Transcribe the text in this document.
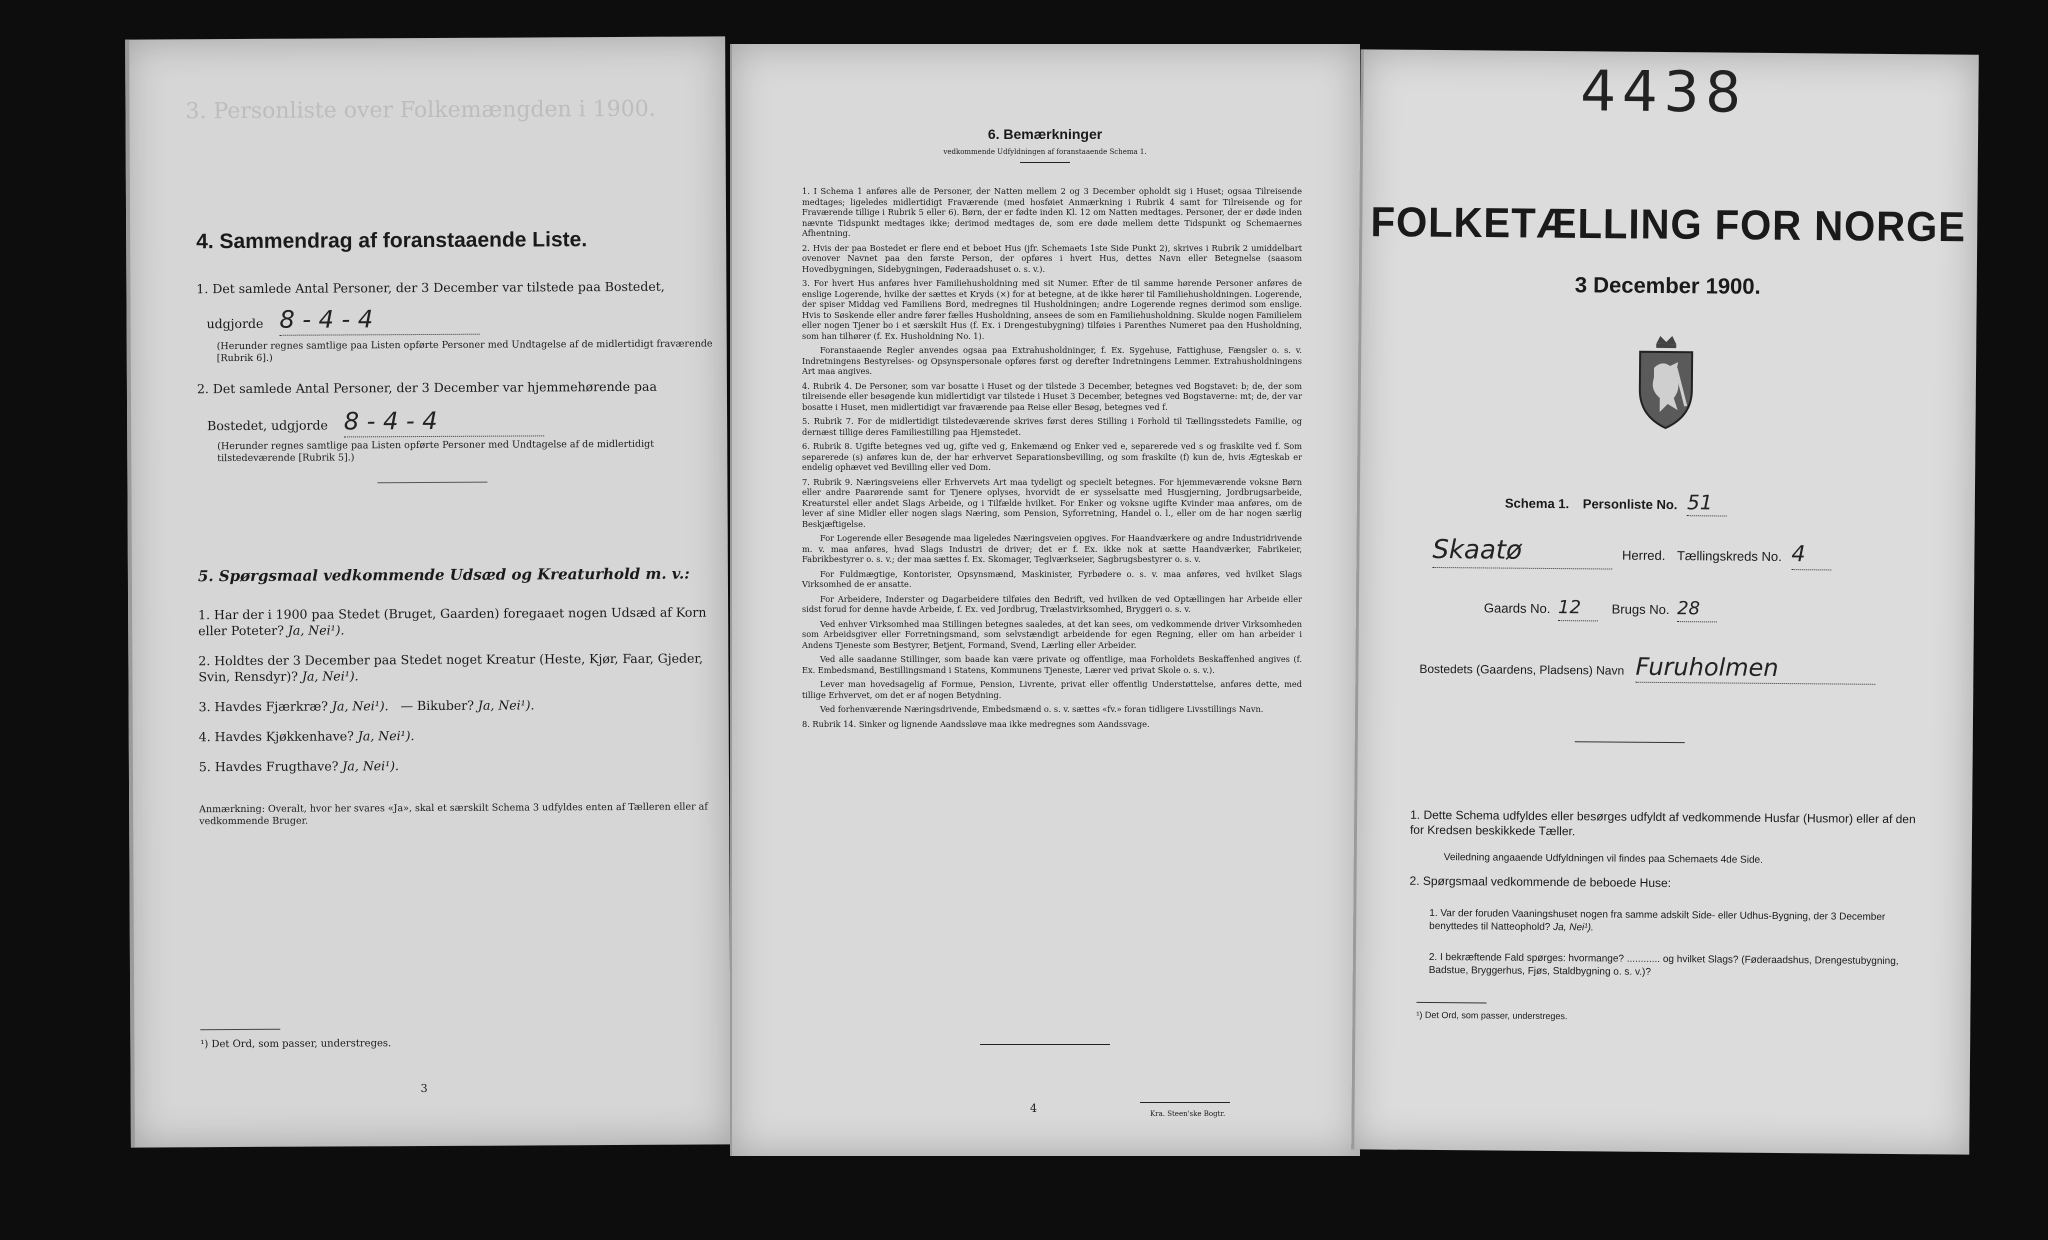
3. Personliste over Folkemængden i 1900.
4. Sammendrag af foranstaaende Liste.
1. Det samlede Antal Personer, der 3 December var tilstede paa Bostedet,
udgjorde 8 - 4 - 4
(Herunder regnes samtlige paa Listen opførte Personer med Undtagelse af de midlertidigt fraværende [Rubrik 6].)
2. Det samlede Antal Personer, der 3 December var hjemmehørende paa
Bostedet, udgjorde 8 - 4 - 4
(Herunder regnes samtlige paa Listen opførte Personer med Undtagelse af de midlertidigt tilstedeværende [Rubrik 5].)
5. Spørgsmaal vedkommende Udsæd og Kreaturhold m. v.:
1. Har der i 1900 paa Stedet (Bruget, Gaarden) foregaaet nogen Udsæd af Korn eller Poteter? Ja, Nei¹).
2. Holdtes der 3 December paa Stedet noget Kreatur (Heste, Kjør, Faar, Gjeder, Svin, Rensdyr)? Ja, Nei¹).
3. Havdes Fjærkræ? Ja, Nei¹). — Bikuber? Ja, Nei¹).
4. Havdes Kjøkkenhave? Ja, Nei¹).
5. Havdes Frugthave? Ja, Nei¹).
Anmærkning: Overalt, hvor her svares «Ja», skal et særskilt Schema 3 udfyldes enten af Tælleren eller af vedkommende Bruger.
¹) Det Ord, som passer, understreges.
3
6. Bemærkninger
vedkommende Udfyldningen af foranstaaende Schema 1.

1. I Schema 1 anføres alle de Personer, der Natten mellem 2 og 3 December opholdt sig i Huset; ogsaa Tilreisende medtages; ligeledes midlertidigt Fraværende (med hosføiet Anmærkning i Rubrik 4 samt for Tilreisende og for Fraværende tillige i Rubrik 5 eller 6). Børn, der er fødte inden Kl. 12 om Natten medtages. Personer, der er døde inden nævnte Tidspunkt medtages ikke; derimod medtages de, som ere døde mellem dette Tidspunkt og Schemaernes Afhentning.

2. Hvis der paa Bostedet er flere end et beboet Hus (jfr. Schemaets 1ste Side Punkt 2), skrives i Rubrik 2 umiddelbart ovenover Navnet paa den første Person, der opføres i hvert Hus, dettes Navn eller Betegnelse (saasom Hovedbygningen, Sidebygningen, Føderaadshuset o. s. v.).

3. For hvert Hus anføres hver Familiehusholdning med sit Numer. Efter de til samme hørende Personer anføres de enslige Logerende, hvilke der sættes et Kryds (×) for at betegne, at de ikke hører til Familiehusholdningen. Logerende, der spiser Middag ved Familiens Bord, medregnes til Husholdningen; andre Logerende regnes derimod som enslige. Hvis to Søskende eller andre fører fælles Husholdning, ansees de som en Familiehusholdning. Skulde nogen Familielem eller nogen Tjener bo i et særskilt Hus (f. Ex. i Drengestubygning) tilføies i Parenthes Numeret paa den Husholdning, som han tilhører (f. Ex. Husholdning No. 1).

Foranstaaende Regler anvendes ogsaa paa Extrahusholdninger, f. Ex. Sygehuse, Fattighuse, Fængsler o. s. v. Indretningens Bestyrelses- og Opsynspersonale opføres først og derefter Indretningens Lemmer. Extrahusholdningens Art maa angives.

4. Rubrik 4. De Personer, som var bosatte i Huset og der tilstede 3 December, betegnes ved Bogstavet: b; de, der som tilreisende eller besøgende kun midlertidigt var tilstede i Huset 3 December, betegnes ved Bogstaverne: mt; de, der var bosatte i Huset, men midlertidigt var fraværende paa Reise eller Besøg, betegnes ved f.

5. Rubrik 7. For de midlertidigt tilstedeværende skrives først deres Stilling i Forhold til Tællingsstedets Familie, og dernæst tillige deres Familiestilling paa Hjemstedet.

6. Rubrik 8. Ugifte betegnes ved ug, gifte ved g, Enkemænd og Enker ved e, separerede ved s og fraskilte ved f. Som separerede (s) anføres kun de, der har erhvervet Separationsbevilling, og som fraskilte (f) kun de, hvis Ægteskab er endelig ophævet ved Bevilling eller ved Dom.

7. Rubrik 9. Næringsveiens eller Erhvervets Art maa tydeligt og specielt betegnes. For hjemmeværende voksne Børn eller andre Paarørende samt for Tjenere oplyses, hvorvidt de er sysselsatte med Husgjerning, Jordbrugsarbeide, Kreaturstel eller andet Slags Arbeide, og i Tilfælde hvilket. For Enker og voksne ugifte Kvinder maa anføres, om de lever af sine Midler eller nogen slags Næring, som Pension, Syforretning, Handel o. l., eller om de har nogen særlig Beskjæftigelse.

For Logerende eller Besøgende maa ligeledes Næringsveien opgives. For Haandværkere og andre Industridrivende m. v. maa anføres, hvad Slags Industri de driver; det er f. Ex. ikke nok at sætte Haandværker, Fabrikeier, Fabrikbestyrer o. s. v.; der maa sættes f. Ex. Skomager, Teglværkseier, Sagbrugsbestyrer o. s. v.

For Fuldmægtige, Kontorister, Opsynsmænd, Maskinister, Fyrbødere o. s. v. maa anføres, ved hvilket Slags Virksomhed de er ansatte.

For Arbeidere, Inderster og Dagarbeidere tilføies den Bedrift, ved hvilken de ved Optællingen har Arbeide eller sidst forud for denne havde Arbeide, f. Ex. ved Jordbrug, Trælastvirksomhed, Bryggeri o. s. v.

Ved enhver Virksomhed maa Stillingen betegnes saaledes, at det kan sees, om vedkommende driver Virksomheden som Arbeidsgiver eller Forretningsmand, som selvstændigt arbeidende for egen Regning, eller om han arbeider i Andens Tjeneste som Bestyrer, Betjent, Formand, Svend, Lærling eller Arbeider.

Ved alle saadanne Stillinger, som baade kan være private og offentlige, maa Forholdets Beskaffenhed angives (f. Ex. Embedsmand, Bestillingsmand i Statens, Kommunens Tjeneste, Lærer ved privat Skole o. s. v.).

Lever man hovedsagelig af Formue, Pension, Livrente, privat eller offentlig Understøttelse, anføres dette, med tillige Erhvervet, om det er af nogen Betydning.

Ved forhenværende Næringsdrivende, Embedsmænd o. s. v. sættes «fv.» foran tidligere Livsstillings Navn.

8. Rubrik 14. Sinker og lignende Aandssløve maa ikke medregnes som Aandssvage.

4	Kra. Steen'ske Bogtr.
4438
FOLKETÆLLING FOR NORGE
3 December 1900.
Schema 1. Personliste No. 51
Skaatø	Herred. Tællingskreds No. 4
Gaards No. 12 Brugs No. 28
Bostedets (Gaardens, Pladsens) Navn Furuholmen
1. Dette Schema udfyldes eller besørges udfyldt af vedkommende Husfar (Husmor) eller af den for Kredsen beskikkede Tæller.
Veiledning angaaende Udfyldningen vil findes paa Schemaets 4de Side.
2. Spørgsmaal vedkommende de beboede Huse:
1. Var der foruden Vaaningshuset nogen fra samme adskilt Side- eller Udhus-Bygning, der 3 December benyttedes til Natteophold? Ja, Nei¹).
2. I bekræftende Fald spørges: hvormange? ............ og hvilket Slags? (Føderaadshus, Drengestubygning, Badstue, Bryggerhus, Fjøs, Staldbygning o. s. v.)?
¹) Det Ord, som passer, understreges.
